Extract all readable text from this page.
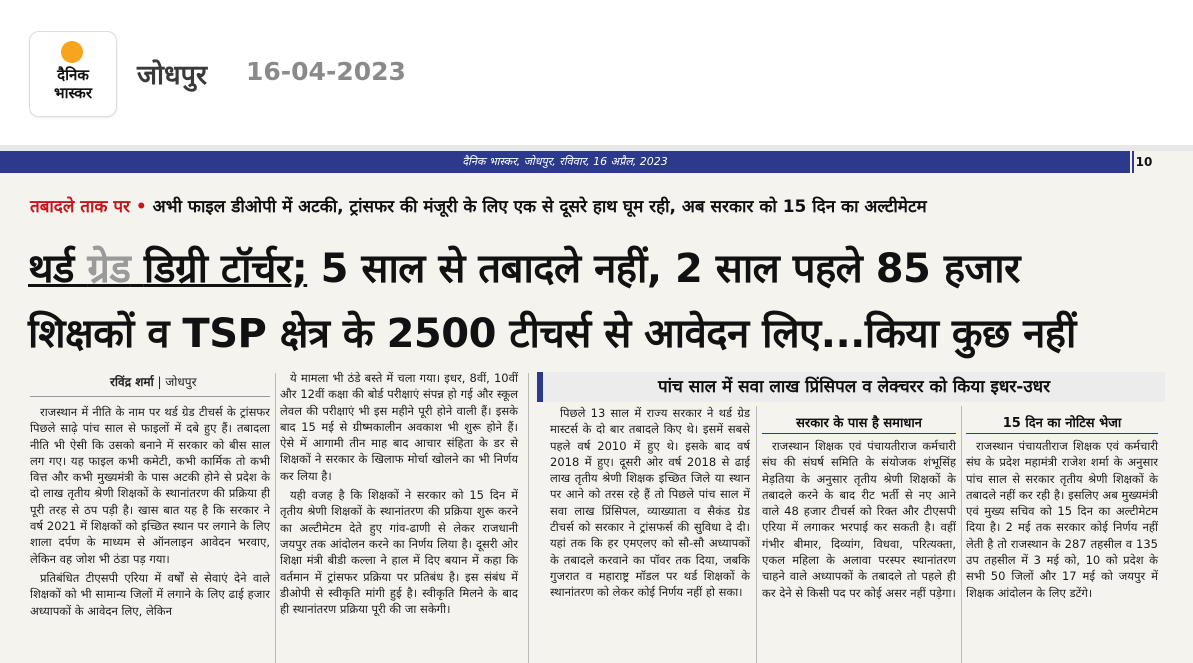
दैनिक
भास्कर
जोधपुर 16-04-2023
दैनिक भास्कर, जोधपुर, रविवार, 16 अप्रैल, 2023	10
तबादले ताक पर • अभी फाइल डीओपी में अटकी, ट्रांसफर की मंजूरी के लिए एक से दूसरे हाथ घूम रही, अब सरकार को 15 दिन का अल्टीमेटम
थर्ड ग्रेड डिग्री टॉर्चर; 5 साल से तबादले नहीं, 2 साल पहले 85 हजार
शिक्षकों व TSP क्षेत्र के 2500 टीचर्स से आवेदन लिए...किया कुछ नहीं
रविंद्र शर्मा | जोधपुर

राजस्थान में नीति के नाम पर थर्ड ग्रेड टीचर्स के ट्रांसफर पिछले साढ़े पांच साल से फाइलों में दबे हुए हैं। तबादला नीति भी ऐसी कि उसको बनाने में सरकार को बीस साल लग गए। यह फाइल कभी कमेटी, कभी कार्मिक तो कभी वित्त और कभी मुख्यमंत्री के पास अटकी होने से प्रदेश के दो लाख तृतीय श्रेणी शिक्षकों के स्थानांतरण की प्रक्रिया ही पूरी तरह से ठप पड़ी है। खास बात यह है कि सरकार ने वर्ष 2021 में शिक्षकों को इच्छित स्थान पर लगाने के लिए शाला दर्पण के माध्यम से ऑनलाइन आवेदन भरवाए, लेकिन वह जोश भी ठंडा पड़ गया।

प्रतिबंधित टीएसपी एरिया में वर्षों से सेवाएं देने वाले शिक्षकों को भी सामान्य जिलों में लगाने के लिए ढाई हजार अध्यापकों के आवेदन लिए, लेकिन

ये मामला भी ठंडे बस्ते में चला गया। इधर, 8वीं, 10वीं और 12वीं कक्षा की बोर्ड परीक्षाएं संपन्न हो गई और स्कूल लेवल की परीक्षाएं भी इस महीने पूरी होने वाली हैं। इसके बाद 15 मई से ग्रीष्मकालीन अवकाश भी शुरू होने हैं। ऐसे में आगामी तीन माह बाद आचार संहिता के डर से शिक्षकों ने सरकार के खिलाफ मोर्चा खोलने का भी निर्णय कर लिया है।

यही वजह है कि शिक्षकों ने सरकार को 15 दिन में तृतीय श्रेणी शिक्षकों के स्थानांतरण की प्रक्रिया शुरू करने का अल्टीमेटम देते हुए गांव-ढाणी से लेकर राजधानी जयपुर तक आंदोलन करने का निर्णय लिया है। दूसरी ओर शिक्षा मंत्री बीडी कल्ला ने हाल में दिए बयान में कहा कि वर्तमान में ट्रांसफर प्रक्रिया पर प्रतिबंध है। इस संबंध में डीओपी से स्वीकृति मांगी हुई है। स्वीकृति मिलने के बाद ही स्थानांतरण प्रक्रिया पूरी की जा सकेगी।

पांच साल में सवा लाख प्रिंसिपल व लेक्चरर को किया इधर-उधर

पिछले 13 साल में राज्य सरकार ने थर्ड ग्रेड मास्टर्स के दो बार तबादले किए थे। इसमें सबसे पहले वर्ष 2010 में हुए थे। इसके बाद वर्ष 2018 में हुए। दूसरी ओर वर्ष 2018 से ढाई लाख तृतीय श्रेणी शिक्षक इच्छित जिले या स्थान पर आने को तरस रहे हैं तो पिछले पांच साल में सवा लाख प्रिंसिपल, व्याख्याता व सैकंड ग्रेड टीचर्स को सरकार ने ट्रांसफर्स की सुविधा दे दी। यहां तक कि हर एमएलए को सौ-सौ अध्यापकों के तबादले करवाने का पॉवर तक दिया, जबकि गुजरात व महाराष्ट्र मॉडल पर थर्ड शिक्षकों के स्थानांतरण को लेकर कोई निर्णय नहीं हो सका।

सरकार के पास है समाधान

राजस्थान शिक्षक एवं पंचायतीराज कर्मचारी संघ की संघर्ष समिति के संयोजक शंभूसिंह मेड़तिया के अनुसार तृतीय श्रेणी शिक्षकों के तबादले करने के बाद रीट भर्ती से नए आने वाले 48 हजार टीचर्स को रिक्त और टीएसपी एरिया में लगाकर भरपाई कर सकती है। वहीं गंभीर बीमार, दिव्यांग, विधवा, परित्यक्ता, एकल महिला के अलावा परस्पर स्थानांतरण चाहने वाले अध्यापकों के तबादले तो पहले ही कर देने से किसी पद पर कोई असर नहीं पड़ेगा।

15 दिन का नोटिस भेजा

राजस्थान पंचायतीराज शिक्षक एवं कर्मचारी संघ के प्रदेश महामंत्री राजेश शर्मा के अनुसार पांच साल से सरकार तृतीय श्रेणी शिक्षकों के तबादले नहीं कर रही है। इसलिए अब मुख्यमंत्री एवं मुख्य सचिव को 15 दिन का अल्टीमेटम दिया है। 2 मई तक सरकार कोई निर्णय नहीं लेती है तो राजस्थान के 287 तहसील व 135 उप तहसील में 3 मई को, 10 को प्रदेश के सभी 50 जिलों और 17 मई को जयपुर में शिक्षक आंदोलन के लिए डटेंगे।
